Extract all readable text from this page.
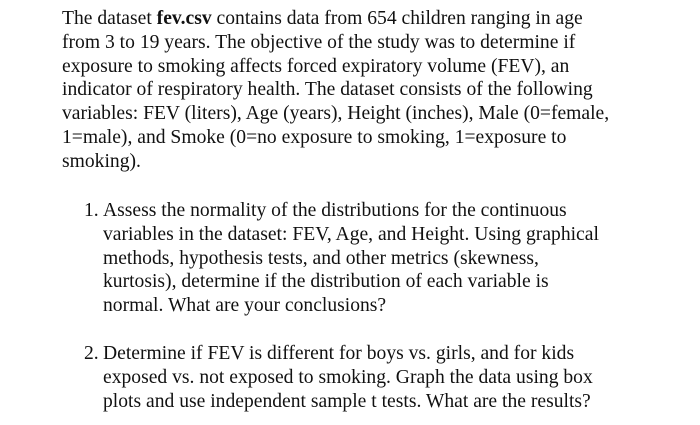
The dataset fev.csv contains data from 654 children ranging in age
from 3 to 19 years. The objective of the study was to determine if
exposure to smoking affects forced expiratory volume (FEV), an
indicator of respiratory health. The dataset consists of the following
variables: FEV (liters), Age (years), Height (inches), Male (0=female,
1=male), and Smoke (0=no exposure to smoking, 1=exposure to
smoking).
1. Assess the normality of the distributions for the continuous
variables in the dataset: FEV, Age, and Height. Using graphical
methods, hypothesis tests, and other metrics (skewness,
kurtosis), determine if the distribution of each variable is
normal. What are your conclusions?
2. Determine if FEV is different for boys vs. girls, and for kids
exposed vs. not exposed to smoking. Graph the data using box
plots and use independent sample t tests. What are the results?
